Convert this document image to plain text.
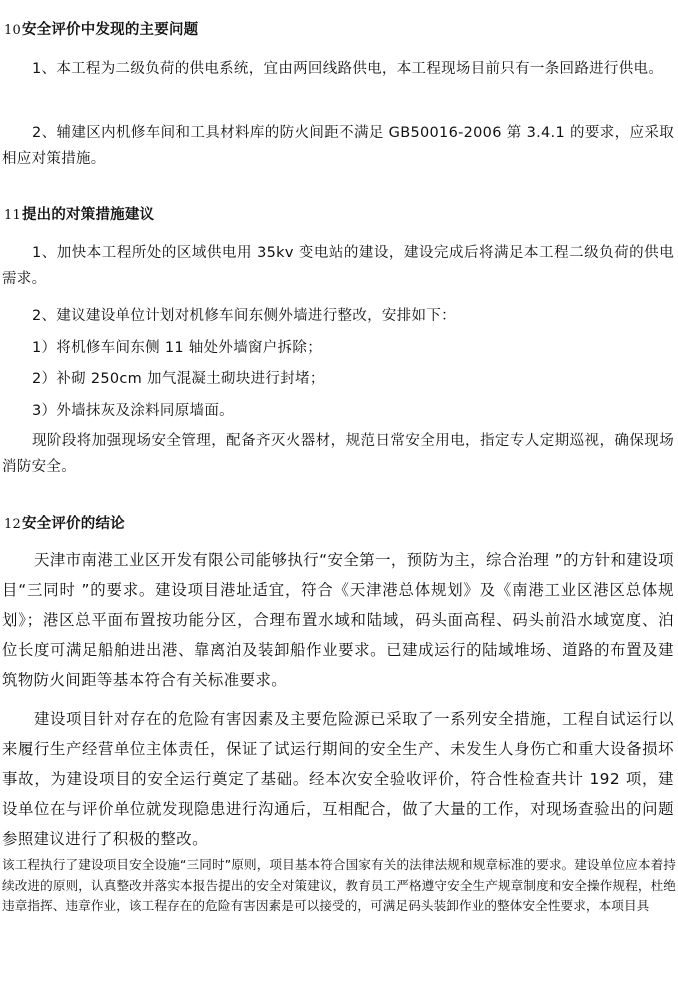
10安全评价中发现的主要问题
1、本工程为二级负荷的供电系统，宜由两回线路供电，本工程现场目前只有一条回路进行供电。
2、辅建区内机修车间和工具材料库的防火间距不满足 GB50016-2006 第 3.4.1 的要求，应采取相应对策措施。
11提出的对策措施建议
1、加快本工程所处的区域供电用 35kv 变电站的建设，建设完成后将满足本工程二级负荷的供电需求。
2、建议建设单位计划对机修车间东侧外墙进行整改，安排如下：
1）将机修车间东侧 11 轴处外墙窗户拆除；
2）补砌 250cm 加气混凝土砌块进行封堵；
3）外墙抹灰及涂料同原墙面。
现阶段将加强现场安全管理，配备齐灭火器材，规范日常安全用电，指定专人定期巡视，确保现场消防安全。
12安全评价的结论
天津市南港工业区开发有限公司能够执行“安全第一，预防为主，综合治理 ”的方针和建设项目“三同时 ”的要求。建设项目港址适宜，符合《天津港总体规划》及《南港工业区港区总体规划》；港区总平面布置按功能分区，合理布置水域和陆域，码头面高程、码头前沿水域宽度、泊位长度可满足船舶进出港、靠离泊及装卸船作业要求。已建成运行的陆域堆场、道路的布置及建筑物防火间距等基本符合有关标准要求。
建设项目针对存在的危险有害因素及主要危险源已采取了一系列安全措施，工程自试运行以来履行生产经营单位主体责任，保证了试运行期间的安全生产、未发生人身伤亡和重大设备损坏事故，为建设项目的安全运行奠定了基础。经本次安全验收评价，符合性检查共计 192 项，建设单位在与评价单位就发现隐患进行沟通后，互相配合，做了大量的工作，对现场查验出的问题参照建议进行了积极的整改。
该工程执行了建设项目安全设施“三同时”原则，项目基本符合国家有关的法律法规和规章标准的要求。建设单位应本着持续改进的原则，认真整改并落实本报告提出的安全对策建议，教育员工严格遵守安全生产规章制度和安全操作规程，杜绝违章指挥、违章作业，该工程存在的危险有害因素是可以接受的，可满足码头装卸作业的整体安全性要求，本项目具
